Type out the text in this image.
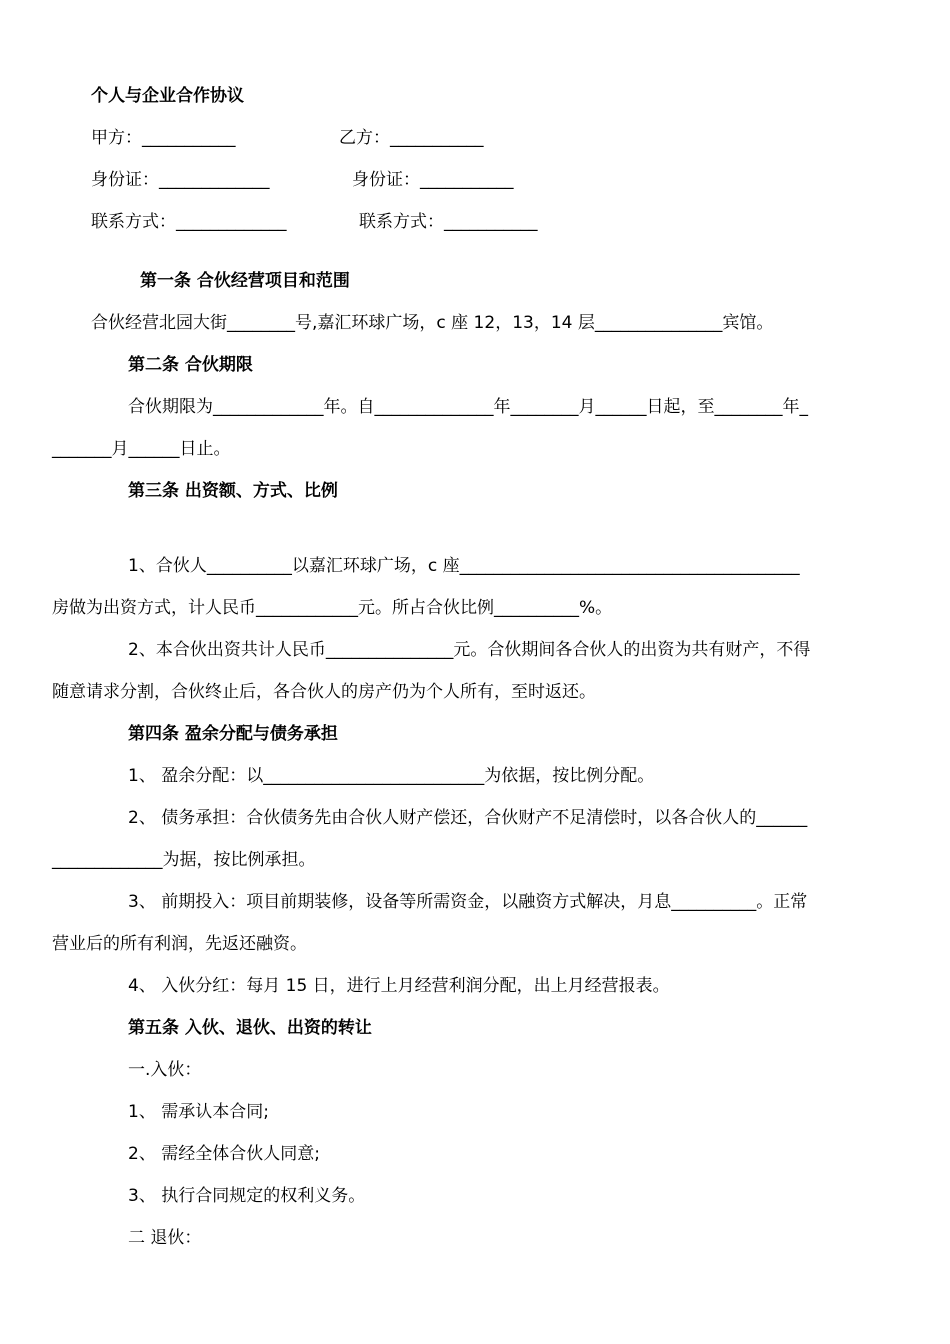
个人与企业合作协议
甲方：___________	乙方：___________
身份证：_____________	身份证：___________
联系方式：_____________	联系方式：___________
第一条 合伙经营项目和范围
合伙经营北园大街________号,嘉汇环球广场，c 座 12，13，14 层_______________宾馆。
第二条 合伙期限
合伙期限为_____________年。自______________年________月______日起，至________年_
_______月______日止。
第三条 出资额、方式、比例
1、合伙人__________以嘉汇环球广场，c 座________________________________________
房做为出资方式，计人民币____________元。所占合伙比例__________%。
2、本合伙出资共计人民币_______________元。合伙期间各合伙人的出资为共有财产，不得
随意请求分割，合伙终止后，各合伙人的房产仍为个人所有，至时返还。
第四条 盈余分配与债务承担
1、 盈余分配：以__________________________为依据，按比例分配。
2、 债务承担：合伙债务先由合伙人财产偿还，合伙财产不足清偿时，以各合伙人的______
_____________为据，按比例承担。
3、 前期投入：项目前期装修，设备等所需资金，以融资方式解决，月息__________。正常
营业后的所有利润，先返还融资。
4、 入伙分红：每月 15 日，进行上月经营利润分配，出上月经营报表。
第五条 入伙、退伙、出资的转让
一.入伙：
1、 需承认本合同;
2、 需经全体合伙人同意;
3、 执行合同规定的权利义务。
二 退伙：
